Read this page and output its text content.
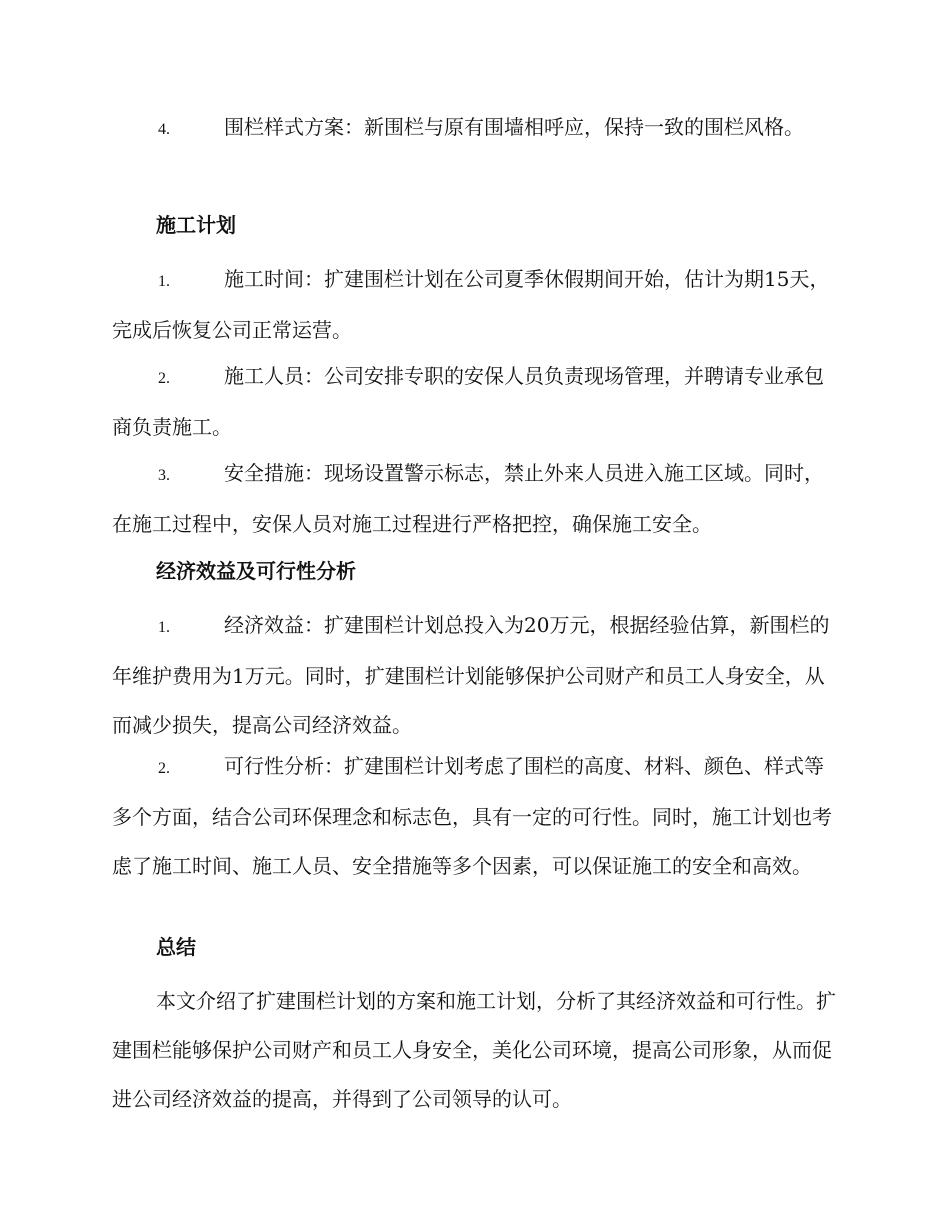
4.	围栏样式方案：新围栏与原有围墙相呼应，保持一致的围栏风格。

施工计划

1.	施工时间：扩建围栏计划在公司夏季休假期间开始，估计为期15天，完成后恢复公司正常运营。

2.	施工人员：公司安排专职的安保人员负责现场管理，并聘请专业承包商负责施工。

3.	安全措施：现场设置警示标志，禁止外来人员进入施工区域。同时，在施工过程中，安保人员对施工过程进行严格把控，确保施工安全。

经济效益及可行性分析

1.	经济效益：扩建围栏计划总投入为20万元，根据经验估算，新围栏的年维护费用为1万元。同时，扩建围栏计划能够保护公司财产和员工人身安全，从而减少损失，提高公司经济效益。

2.	可行性分析：扩建围栏计划考虑了围栏的高度、材料、颜色、样式等多个方面，结合公司环保理念和标志色，具有一定的可行性。同时，施工计划也考虑了施工时间、施工人员、安全措施等多个因素，可以保证施工的安全和高效。

总结

本文介绍了扩建围栏计划的方案和施工计划，分析了其经济效益和可行性。扩建围栏能够保护公司财产和员工人身安全，美化公司环境，提高公司形象，从而促进公司经济效益的提高，并得到了公司领导的认可。
